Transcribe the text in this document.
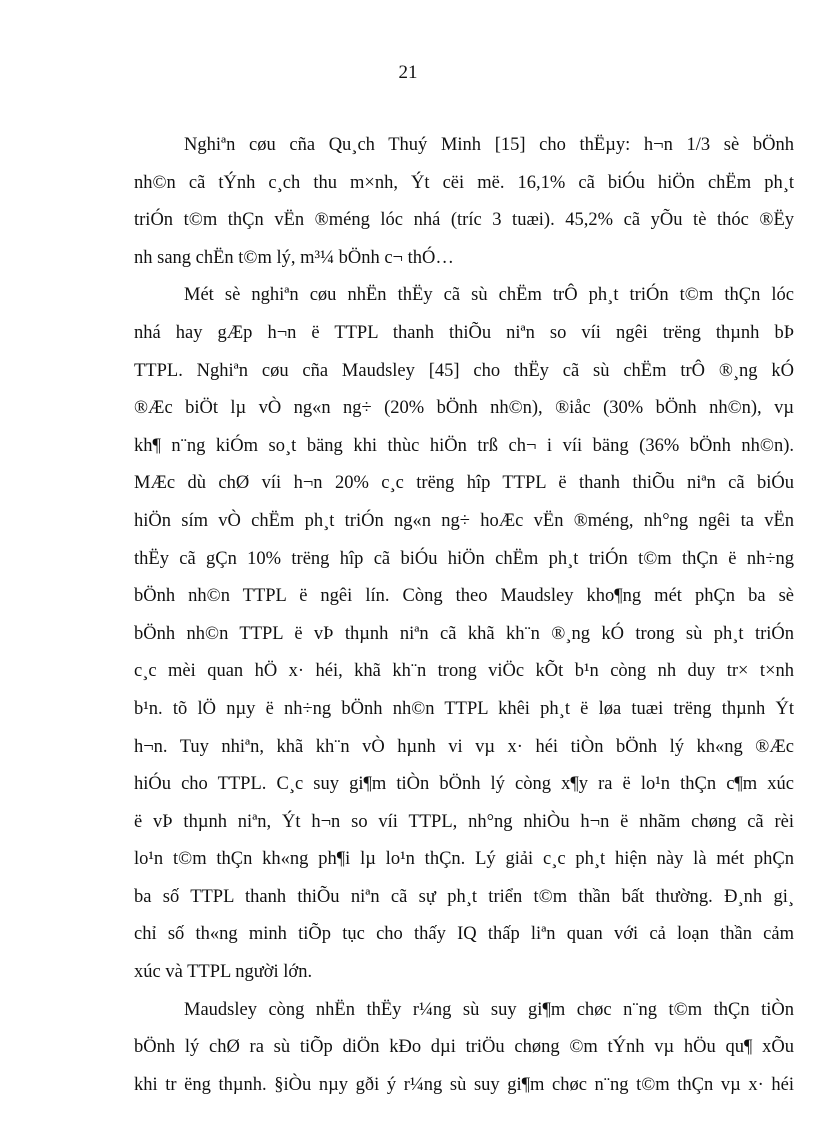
21
Nghiªn cøu cña Qu¸ch Thuý Minh [15] cho thËµy: h¬n 1/3 sè bÖnh
nh©n cã tÝnh c¸ch thu m×nh, Ýt cëi më. 16,1% cã biÓu hiÖn chËm ph¸t
triÓn t©m thÇn vËn ®méng lóc nhá (tríc 3 tuæi). 45,2% cã yÕu tè thóc ®Ëy
nh sang chËn t©m lý, m³¼ bÖnh c¬ thÓ…
Mét sè nghiªn cøu nhËn thËy cã sù chËm trÔ ph¸t triÓn t©m thÇn lóc
nhá hay gÆp h¬n ë TTPL thanh thiÕu niªn so víi ngêi trëng thµnh bÞ
TTPL. Nghiªn cøu cña Maudsley [45] cho thËy cã sù chËm trÔ ®¸ng kÓ
®Æc biÖt lµ vÒ ng«n ng÷ (20% bÖnh nh©n), ®iåc (30% bÖnh nh©n), vµ
kh¶ n¨ng kiÓm so¸t bäng khi thùc hiÖn trß ch¬ i víi bäng (36% bÖnh nh©n).
MÆc dù chØ víi h¬n 20% c¸c trëng hîp TTPL ë thanh thiÕu niªn cã biÓu
hiÖn sím vÒ chËm ph¸t triÓn ng«n ng÷ hoÆc vËn ®méng, nh°ng ngêi ta vËn
thËy cã gÇn 10% trëng hîp cã biÓu hiÖn chËm ph¸t triÓn t©m thÇn ë nh÷ng
bÖnh nh©n TTPL ë ngêi lín. Còng theo Maudsley kho¶ng mét phÇn ba sè
bÖnh nh©n TTPL ë vÞ thµnh niªn cã khã kh¨n ®¸ng kÓ trong sù ph¸t triÓn
c¸c mèi quan hÖ x· héi, khã kh¨n trong viÖc kÕt b¹n còng nh duy tr× t×nh
b¹n. tõ lÖ nµy ë nh÷ng bÖnh nh©n TTPL khêi ph¸t ë løa tuæi trëng thµnh Ýt
h¬n. Tuy nhiªn, khã kh¨n vÒ hµnh vi vµ x· héi tiÒn bÖnh lý kh«ng ®Æc
hiÓu cho TTPL. C¸c suy gi¶m tiÒn bÖnh lý còng x¶y ra ë lo¹n thÇn c¶m xúc
ë vÞ thµnh niªn, Ýt h¬n so víi TTPL, nh°ng nhiÒu h¬n ë nhãm chøng cã rèi
lo¹n t©m thÇn kh«ng ph¶i lµ lo¹n thÇn. Lý giải c¸c ph¸t hiện này là mét phÇn
ba số TTPL thanh thiÕu niªn cã sự ph¸t triển t©m thần bất thường. Đ¸nh gi¸
chỉ số th«ng minh tiÕp tục cho thấy IQ thấp liªn quan với cả loạn thần cảm
xúc và TTPL người lớn.
Maudsley còng nhËn thËy r¼ng sù suy gi¶m chøc n¨ng t©m thÇn tiÒn
bÖnh lý chØ ra sù tiÕp diÖn kÐo dµi triÖu chøng ©m tÝnh vµ hÖu qu¶ xÕu
khi tr ëng thµnh. §iÒu nµy gði ý r¼ng sù suy gi¶m chøc n¨ng t©m thÇn vµ x· héi
